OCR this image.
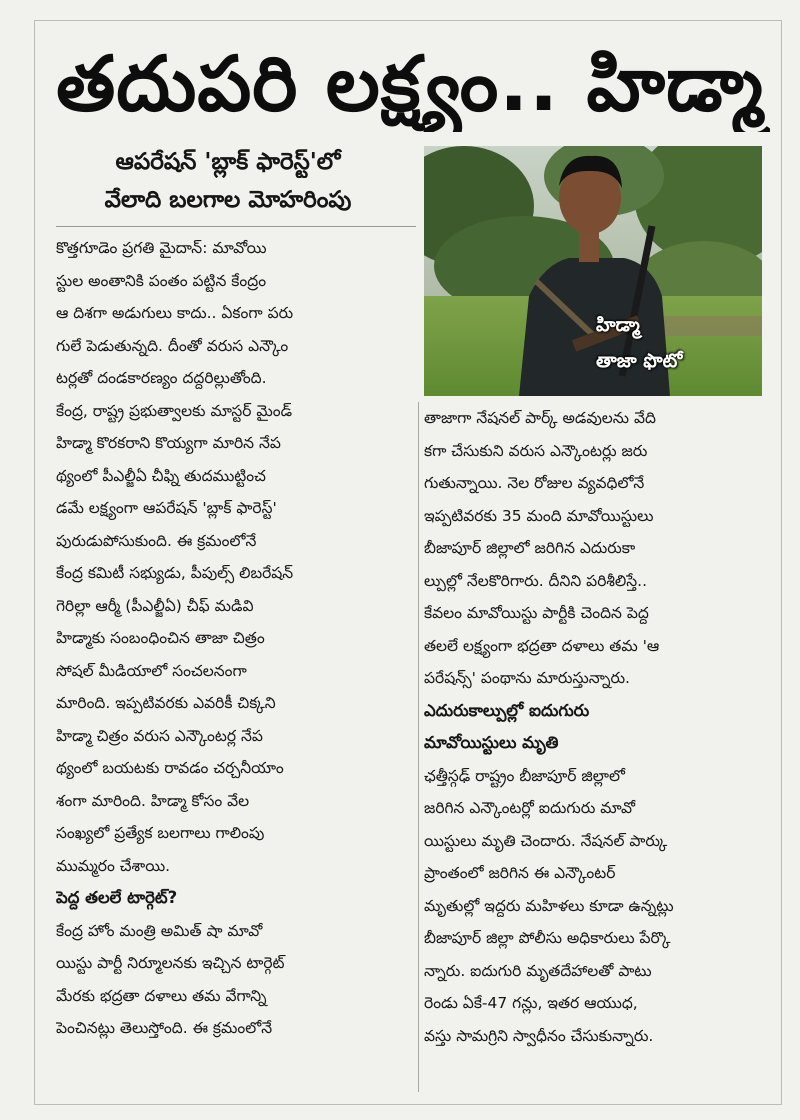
తదుపరి లక్ష్యం.. హిడ్మా
ఆపరేషన్ 'బ్లాక్ ఫారెస్ట్'లో
వేలాది బలగాల మోహరింపు
హిడ్మా
తాజా ఫొటో
కొత్తగూడెం ప్రగతి మైదాన్: మావోయి
స్టుల అంతానికి పంతం పట్టిన కేంద్రం
ఆ దిశగా అడుగులు కాదు.. ఏకంగా పరు
గులే పెడుతున్నది. దీంతో వరుస ఎన్కౌం
టర్లతో దండకారణ్యం దద్దరిల్లుతోంది.
కేంద్ర, రాష్ట్ర ప్రభుత్వాలకు మాస్టర్ మైండ్
హిడ్మా కొరకరాని కొయ్యగా మారిన నేప
థ్యంలో పీఎల్జీఏ చీఫ్ని తుదముట్టించ
డమే లక్ష్యంగా ఆపరేషన్ 'బ్లాక్ ఫారెస్ట్'
పురుడుపోసుకుంది. ఈ క్రమంలోనే
కేంద్ర కమిటీ సభ్యుడు, పీపుల్స్ లిబరేషన్
గెరిల్లా ఆర్మీ (పీఎల్జీఏ) చీఫ్ మడివి
హిడ్మాకు సంబంధించిన తాజా చిత్రం
సోషల్ మీడియాలో సంచలనంగా
మారింది. ఇప్పటివరకు ఎవరికీ చిక్కని
హిడ్మా చిత్రం వరుస ఎన్కౌంటర్ల నేప
థ్యంలో బయటకు రావడం చర్చనీయాం
శంగా మారింది. హిడ్మా కోసం వేల
సంఖ్యలో ప్రత్యేక బలగాలు గాలింపు
ముమ్మరం చేశాయి.
పెద్ద తలలే టార్గెట్?
కేంద్ర హోం మంత్రి అమిత్ షా మావో
యిస్టు పార్టీ నిర్మూలనకు ఇచ్చిన టార్గెట్
మేరకు భద్రతా దళాలు తమ వేగాన్ని
పెంచినట్లు తెలుస్తోంది. ఈ క్రమంలోనే
తాజాగా నేషనల్ పార్క్ అడవులను వేది
కగా చేసుకుని వరుస ఎన్కౌంటర్లు జరు
గుతున్నాయి. నెల రోజుల వ్యవధిలోనే
ఇప్పటివరకు 35 మంది మావోయిస్టులు
బీజాపూర్ జిల్లాలో జరిగిన ఎదురుకా
ల్పుల్లో నేలకొరిగారు. దీనిని పరిశీలిస్తే..
కేవలం మావోయిస్టు పార్టీకి చెందిన పెద్ద
తలలే లక్ష్యంగా భద్రతా దళాలు తమ 'ఆ
పరేషన్స్' పంథాను మారుస్తున్నారు.
ఎదురుకాల్పుల్లో ఐదుగురు
మావోయిస్టులు మృతి
ఛత్తీస్గఢ్ రాష్ట్రం బీజాపూర్ జిల్లాలో
జరిగిన ఎన్కౌంటర్లో ఐదుగురు మావో
యిస్టులు మృతి చెందారు. నేషనల్ పార్కు
ప్రాంతంలో జరిగిన ఈ ఎన్కౌంటర్
మృతుల్లో ఇద్దరు మహిళలు కూడా ఉన్నట్లు
బీజాపూర్ జిల్లా పోలీసు అధికారులు పేర్కొ
న్నారు. ఐదుగురి మృతదేహాలతో పాటు
రెండు ఏకే-47 గన్లు, ఇతర ఆయుధ,
వస్తు సామగ్రిని స్వాధీనం చేసుకున్నారు.
